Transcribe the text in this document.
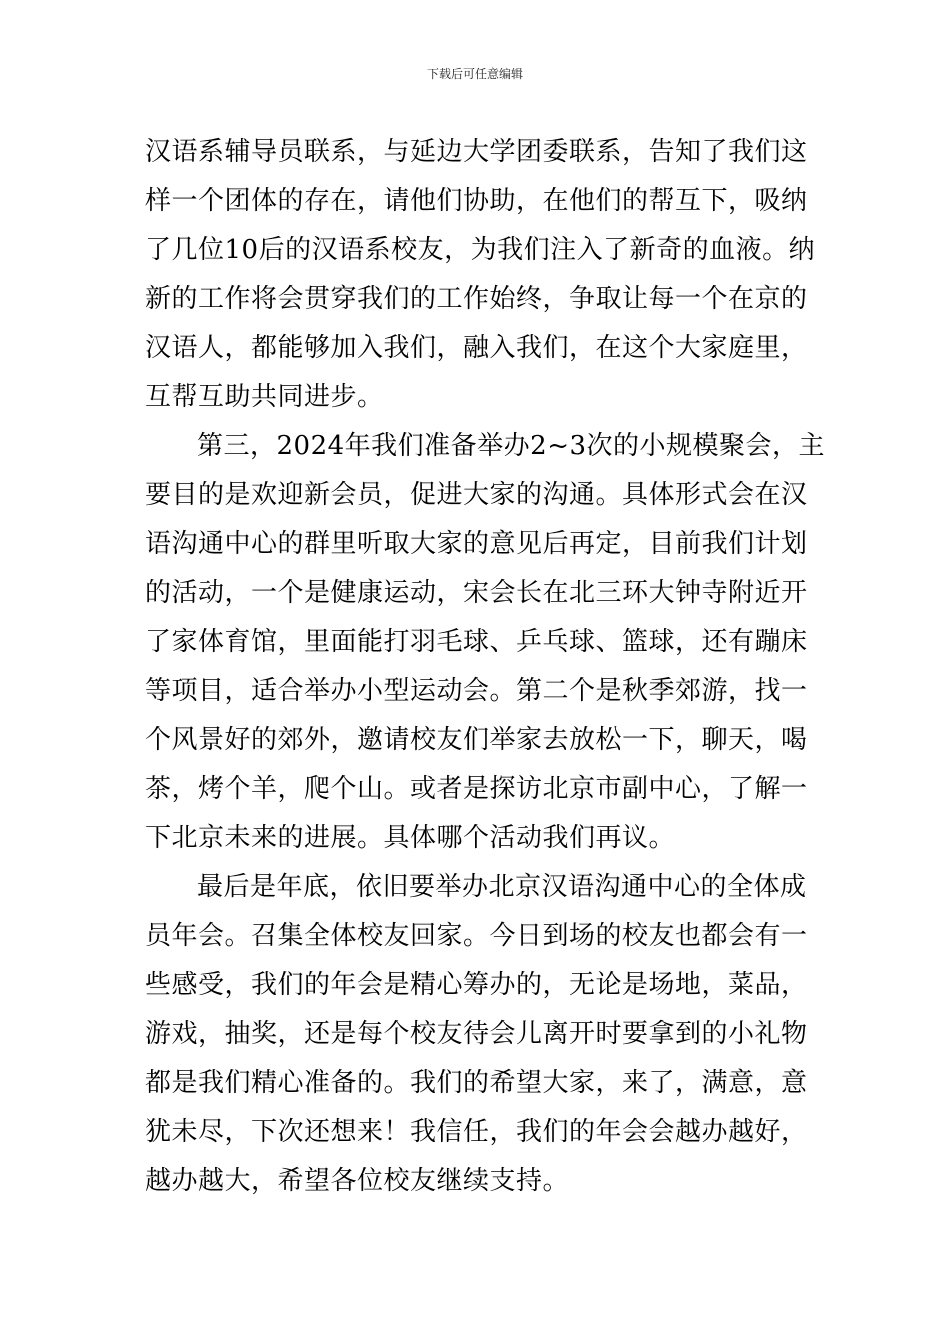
下载后可任意编辑
汉语系辅导员联系，与延边大学团委联系，告知了我们这
样一个团体的存在，请他们协助，在他们的帮互下，吸纳
了几位10后的汉语系校友，为我们注入了新奇的血液。纳
新的工作将会贯穿我们的工作始终，争取让每一个在京的
汉语人，都能够加入我们，融入我们，在这个大家庭里，
互帮互助共同进步。
第三，2024年我们准备举办2~3次的小规模聚会，主
要目的是欢迎新会员，促进大家的沟通。具体形式会在汉
语沟通中心的群里听取大家的意见后再定，目前我们计划
的活动，一个是健康运动，宋会长在北三环大钟寺附近开
了家体育馆，里面能打羽毛球、乒乓球、篮球，还有蹦床
等项目，适合举办小型运动会。第二个是秋季郊游，找一
个风景好的郊外，邀请校友们举家去放松一下，聊天，喝
茶，烤个羊，爬个山。或者是探访北京市副中心，了解一
下北京未来的进展。具体哪个活动我们再议。
最后是年底，依旧要举办北京汉语沟通中心的全体成
员年会。召集全体校友回家。今日到场的校友也都会有一
些感受，我们的年会是精心筹办的，无论是场地，菜品，
游戏，抽奖，还是每个校友待会儿离开时要拿到的小礼物
都是我们精心准备的。我们的希望大家，来了，满意，意
犹未尽，下次还想来！我信任，我们的年会会越办越好，
越办越大，希望各位校友继续支持。
